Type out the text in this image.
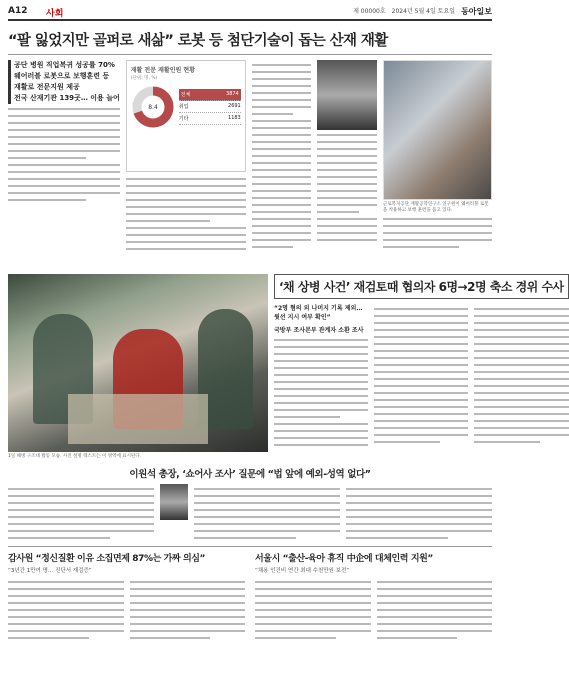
A12 사회	제 00000호 2024년 5월 4일 토요일 동아일보
“팔 잃었지만 골퍼로 새삶” 로봇 등 첨단기술이 돕는 산재 재활
공단 병원 직업복귀 성공률 70%
웨어러블 로봇으로 보행훈련 등
재활로 전문지원 제공
전국 산재기관 139곳… 이용 늘어
재활 전문 재활인원 현황
(단위: 명, %)
8.4
전체	3874
취업	2691
기타	1183
근로복지공단 재활공학연구소 연구원이 웨어러블 로봇을 착용하고 보행 훈련을 돕고 있다.
1일 해병 구조대 활동 모습. 사진 설명 텍스트는 이 영역에 표시된다.
‘채 상병 사건’ 재검토때 협의자 6명→2명 축소 경위 수사
“2명 혐의 외 나머지 기록 제외… 윗선 지시 여부 확인”
국방부 조사본부 관계자 소환 조사
이원석 총장, ‘쇼어사 조사’ 질문에 “법 앞에 예외-성역 없다”
감사원 “정신질환 이유 소집면제 87%는 가짜 의심”
“3년간 1만여 명… 진단서 재검증”
서울시 “출산-육아 휴직 中企에 대체인력 지원”
“채용 인건비 연간 최대 수천만원 보전”
